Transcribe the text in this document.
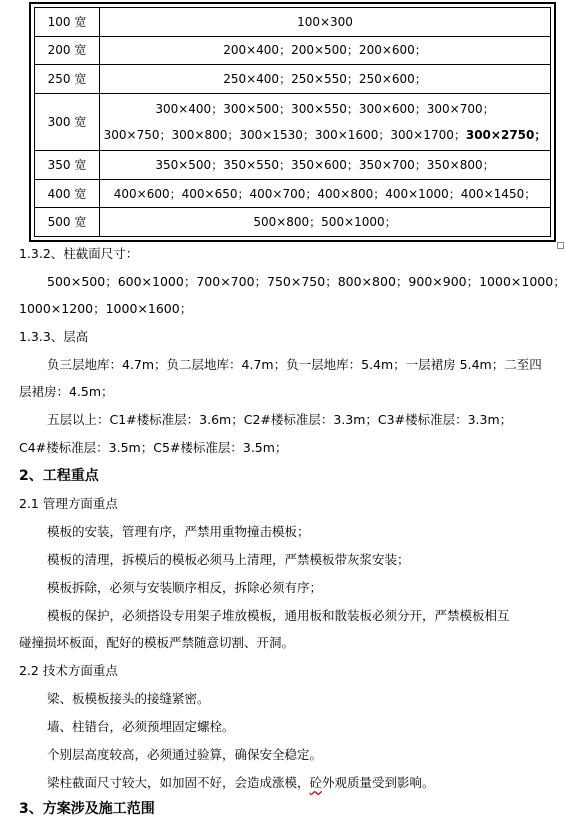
100 宽	100×300
200 宽	200×400；200×500；200×600；
250 宽	250×400；250×550；250×600；
300 宽	300×400；300×500；300×550；300×600；300×700；
300×750；300×800；300×1530；300×1600；300×1700；300×2750；
350 宽	350×500；350×550；350×600；350×700；350×800；
400 宽	400×600；400×650；400×700；400×800；400×1000；400×1450；
500 宽	500×800；500×1000；
1.3.2、柱截面尺寸：
500×500；600×1000；700×700；750×750；800×800；900×900；1000×1000；
1000×1200；1000×1600；
1.3.3、层高
负三层地库：4.7m；负二层地库：4.7m；负一层地库：5.4m；一层裙房 5.4m；二至四
层裙房：4.5m；
五层以上：C1#楼标准层：3.6m；C2#楼标准层：3.3m；C3#楼标准层：3.3m；
C4#楼标准层：3.5m；C5#楼标准层：3.5m；
2、工程重点
2.1 管理方面重点
模板的安装，管理有序，严禁用重物撞击模板；
模板的清理，拆模后的模板必须马上清理，严禁模板带灰浆安装；
模板拆除，必须与安装顺序相反，拆除必须有序；
模板的保护，必须搭设专用架子堆放模板，通用板和散装板必须分开，严禁模板相互
碰撞损坏板面，配好的模板严禁随意切割、开洞。
2.2 技术方面重点
梁、板模板接头的接缝紧密。
墙、柱错台，必须预埋固定螺栓。
个别层高度较高，必须通过验算，确保安全稳定。
梁柱截面尺寸较大，如加固不好，会造成涨模，砼外观质量受到影响。
3、方案涉及施工范围
